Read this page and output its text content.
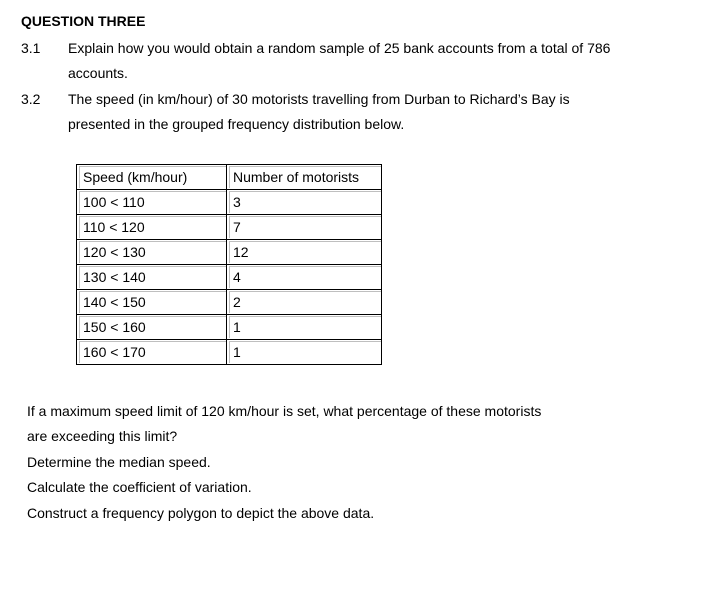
QUESTION THREE
3.1 Explain how you would obtain a random sample of 25 bank accounts from a total of 786
accounts.
3.2 The speed (in km/hour) of 30 motorists travelling from Durban to Richard’s Bay is
presented in the grouped frequency distribution below.
Speed (km/hour)	Number of motorists

100 < 110	3

110 < 120	7

120 < 130	12

130 < 140	4

140 < 150	2

150 < 160	1

160 < 170	1
If a maximum speed limit of 120 km/hour is set, what percentage of these motorists
are exceeding this limit?
Determine the median speed.
Calculate the coefficient of variation.
Construct a frequency polygon to depict the above data.
